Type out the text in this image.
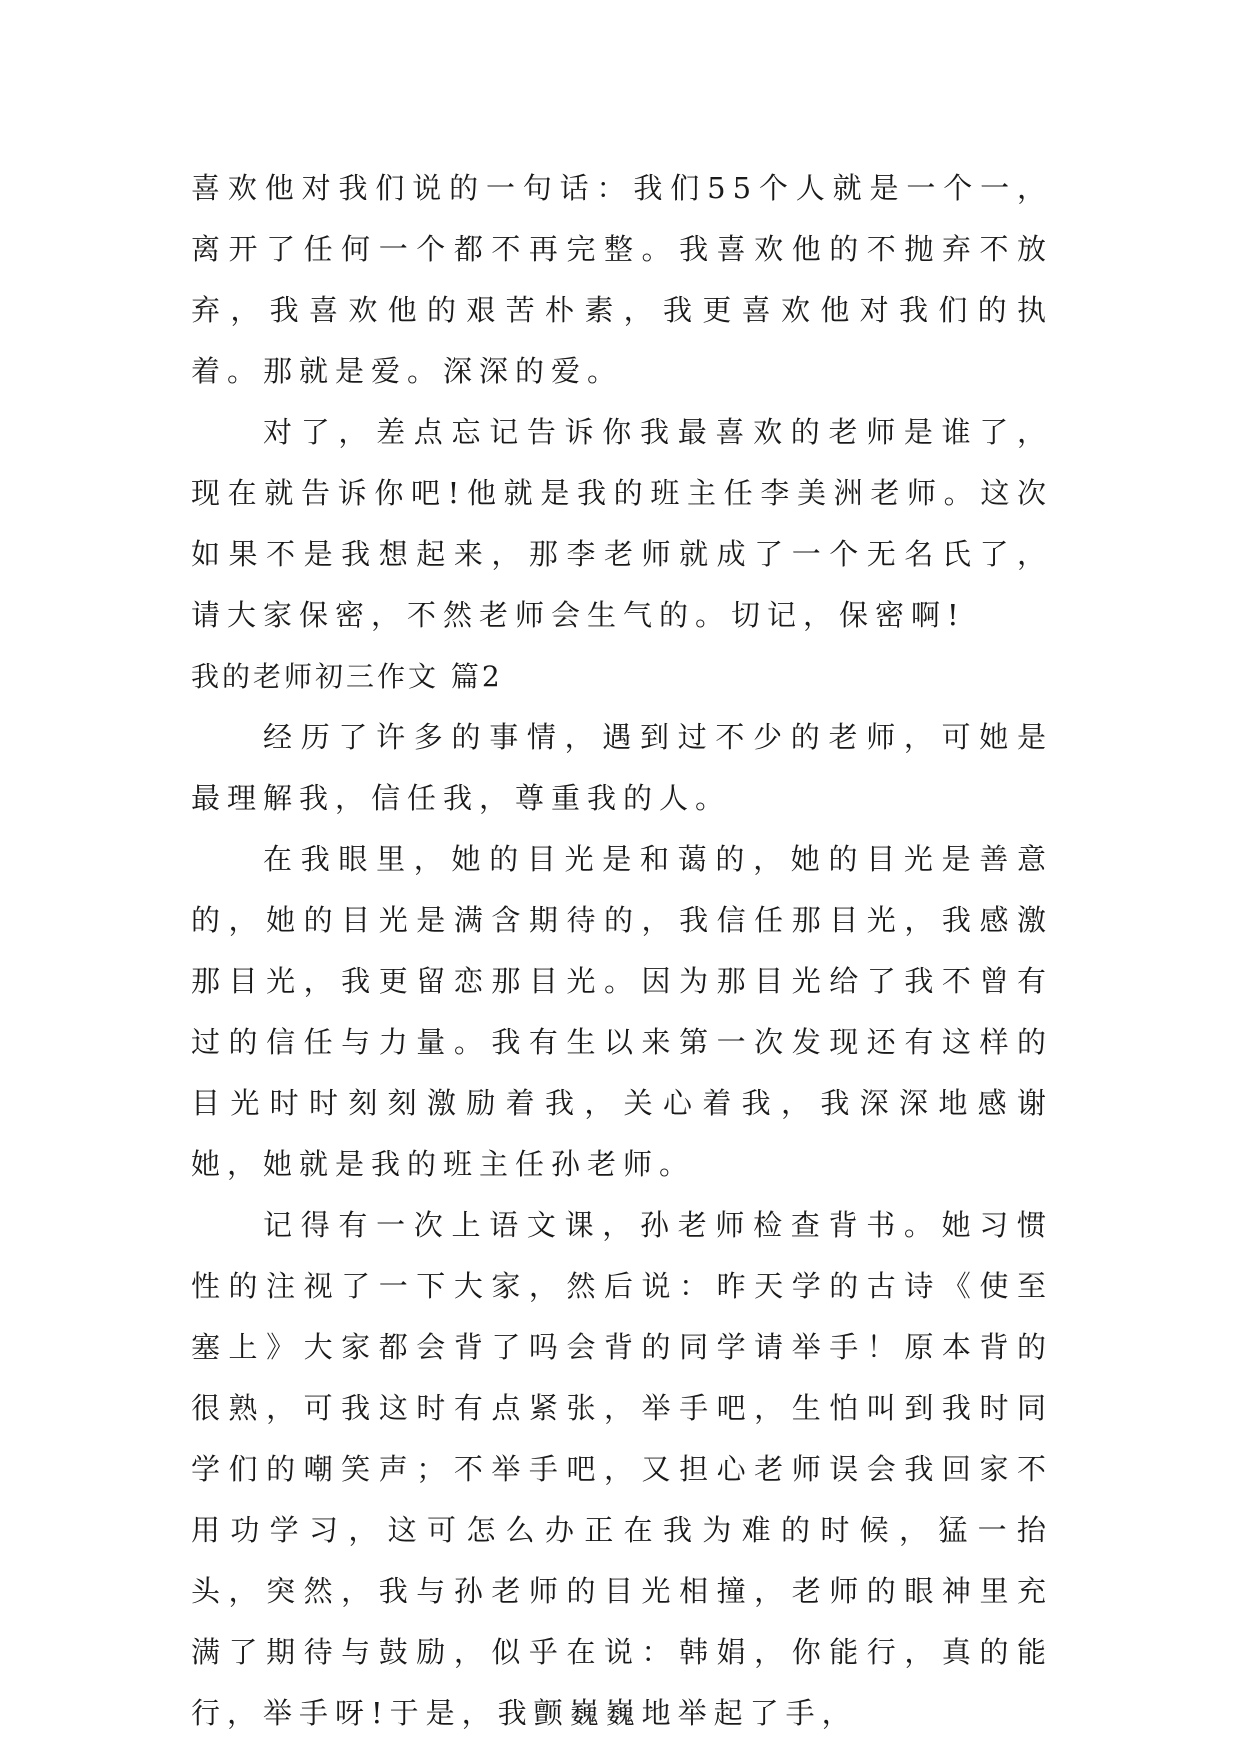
喜欢他对我们说的一句话：我们55个人就是一个一，离开了任何一个都不再完整。我喜欢他的不抛弃不放弃，我喜欢他的艰苦朴素，我更喜欢他对我们的执着。那就是爱。深深的爱。

对了，差点忘记告诉你我最喜欢的老师是谁了，现在就告诉你吧!他就是我的班主任李美洲老师。这次如果不是我想起来，那李老师就成了一个无名氏了，请大家保密，不然老师会生气的。切记，保密啊!

我的老师初三作文 篇2

经历了许多的事情，遇到过不少的老师，可她是最理解我，信任我，尊重我的人。

在我眼里，她的目光是和蔼的，她的目光是善意的，她的目光是满含期待的，我信任那目光，我感激那目光，我更留恋那目光。因为那目光给了我不曾有过的信任与力量。我有生以来第一次发现还有这样的目光时时刻刻激励着我，关心着我，我深深地感谢她，她就是我的班主任孙老师。

记得有一次上语文课，孙老师检查背书。她习惯性的注视了一下大家，然后说：昨天学的古诗《使至塞上》大家都会背了吗会背的同学请举手！原本背的很熟，可我这时有点紧张，举手吧，生怕叫到我时同学们的嘲笑声；不举手吧，又担心老师误会我回家不用功学习，这可怎么办正在我为难的时候，猛一抬头，突然，我与孙老师的目光相撞，老师的眼神里充满了期待与鼓励，似乎在说：韩娟，你能行，真的能行，举手呀!于是，我颤巍巍地举起了手，
